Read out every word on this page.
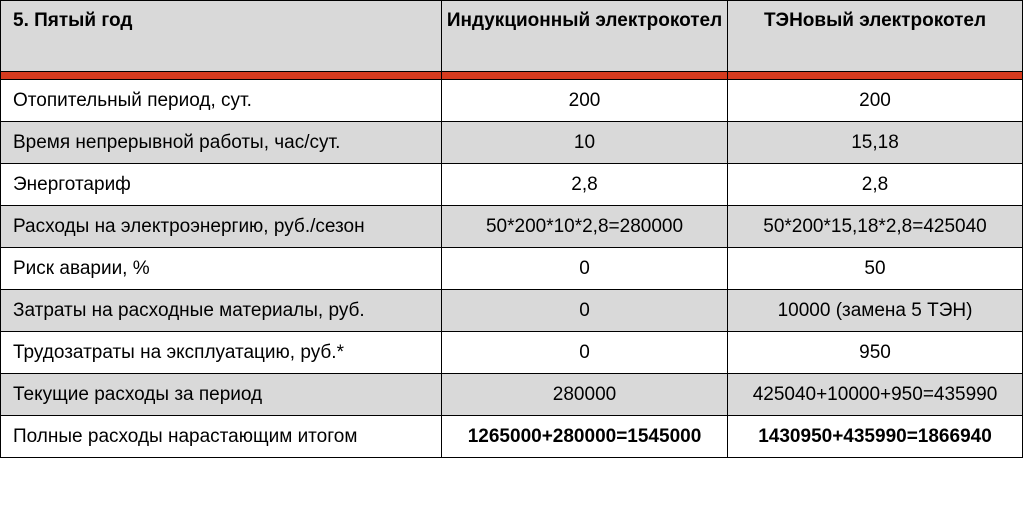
5. Пятый год	Индукционный электрокотел	ТЭНовый электрокотел

Отопительный период, сут.	200	200
Время непрерывной работы, час/сут.	10	15,18
Энерготариф	2,8	2,8
Расходы на электроэнергию, руб./сезон	50*200*10*2,8=280000	50*200*15,18*2,8=425040
Риск аварии, %	0	50
Затраты на расходные материалы, руб.	0	10000 (замена 5 ТЭН)
Трудозатраты на эксплуатацию, руб.*	0	950
Текущие расходы за период	280000	425040+10000+950=435990
Полные расходы нарастающим итогом	1265000+280000=1545000	1430950+435990=1866940
